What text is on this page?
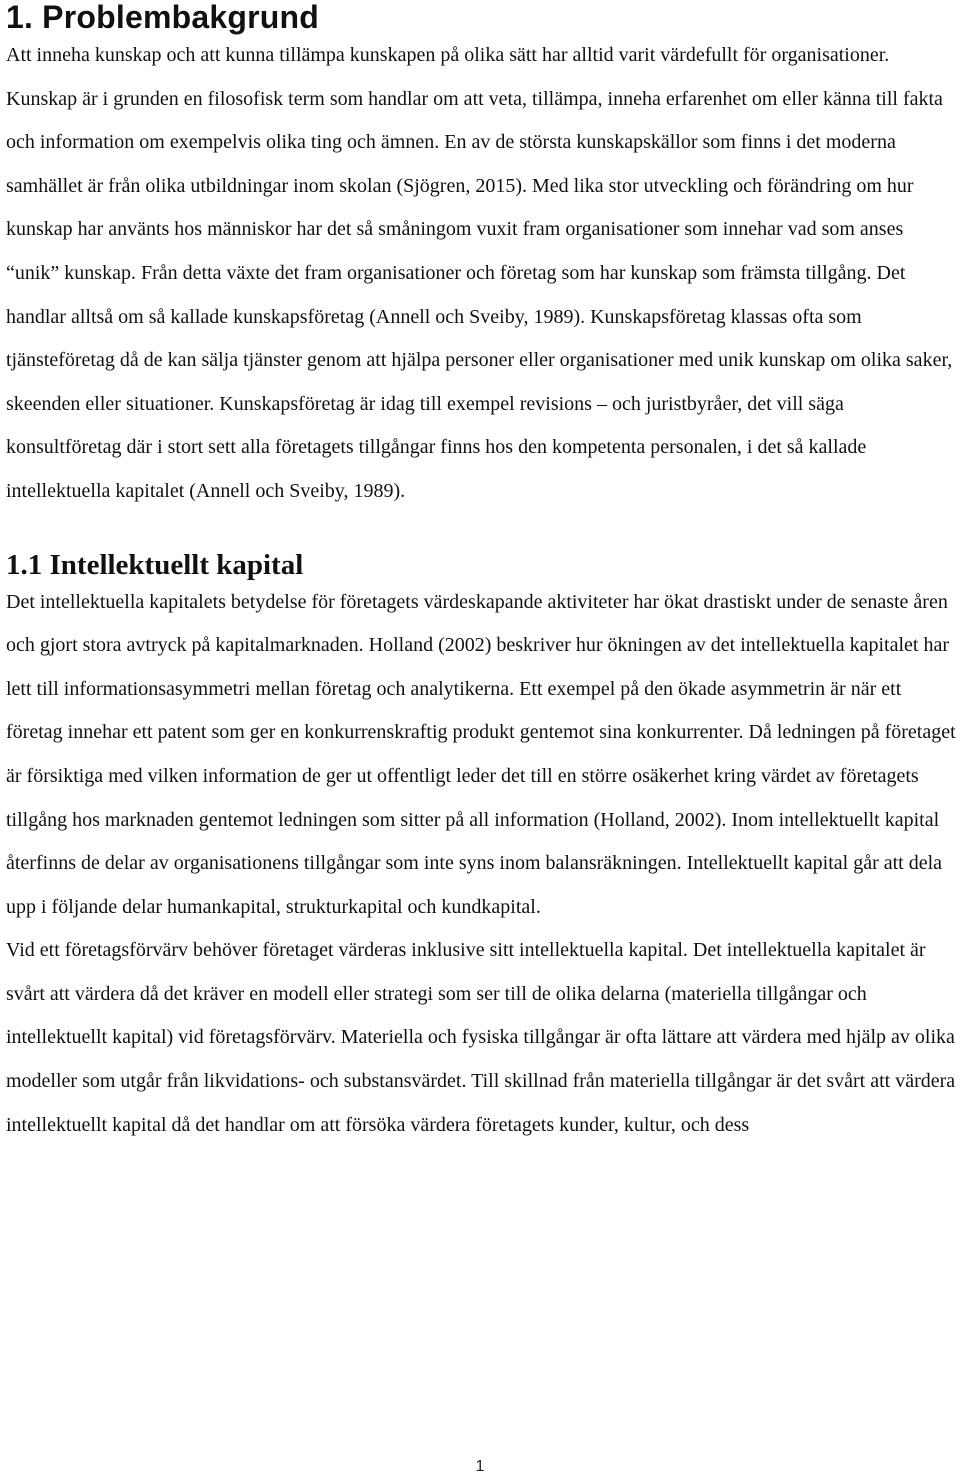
1. Problembakgrund

Att inneha kunskap och att kunna tillämpa kunskapen på olika sätt har alltid varit värdefullt för organisationer. Kunskap är i grunden en filosofisk term som handlar om att veta, tillämpa, inneha erfarenhet om eller känna till fakta och information om exempelvis olika ting och ämnen. En av de största kunskapskällor som finns i det moderna samhället är från olika utbildningar inom skolan (Sjögren, 2015). Med lika stor utveckling och förändring om hur kunskap har använts hos människor har det så småningom vuxit fram organisationer som innehar vad som anses “unik” kunskap. Från detta växte det fram organisationer och företag som har kunskap som främsta tillgång. Det handlar alltså om så kallade kunskapsföretag (Annell och Sveiby, 1989). Kunskapsföretag klassas ofta som tjänsteföretag då de kan sälja tjänster genom att hjälpa personer eller organisationer med unik kunskap om olika saker, skeenden eller situationer. Kunskapsföretag är idag till exempel revisions – och juristbyråer, det vill säga konsultföretag där i stort sett alla företagets tillgångar finns hos den kompetenta personalen, i det så kallade intellektuella kapitalet (Annell och Sveiby, 1989).

1.1 Intellektuellt kapital

Det intellektuella kapitalets betydelse för företagets värdeskapande aktiviteter har ökat drastiskt under de senaste åren och gjort stora avtryck på kapitalmarknaden. Holland (2002) beskriver hur ökningen av det intellektuella kapitalet har lett till informationsasymmetri mellan företag och analytikerna. Ett exempel på den ökade asymmetrin är när ett företag innehar ett patent som ger en konkurrenskraftig produkt gentemot sina konkurrenter. Då ledningen på företaget är försiktiga med vilken information de ger ut offentligt leder det till en större osäkerhet kring värdet av företagets tillgång hos marknaden gentemot ledningen som sitter på all information (Holland, 2002). Inom intellektuellt kapital återfinns de delar av organisationens tillgångar som inte syns inom balansräkningen. Intellektuellt kapital går att dela upp i följande delar humankapital, strukturkapital och kundkapital.

Vid ett företagsförvärv behöver företaget värderas inklusive sitt intellektuella kapital. Det intellektuella kapitalet är svårt att värdera då det kräver en modell eller strategi som ser till de olika delarna (materiella tillgångar och intellektuellt kapital) vid företagsförvärv. Materiella och fysiska tillgångar är ofta lättare att värdera med hjälp av olika modeller som utgår från likvidations- och substansvärdet. Till skillnad från materiella tillgångar är det svårt att värdera intellektuellt kapital då det handlar om att försöka värdera företagets kunder, kultur, och dess

1
